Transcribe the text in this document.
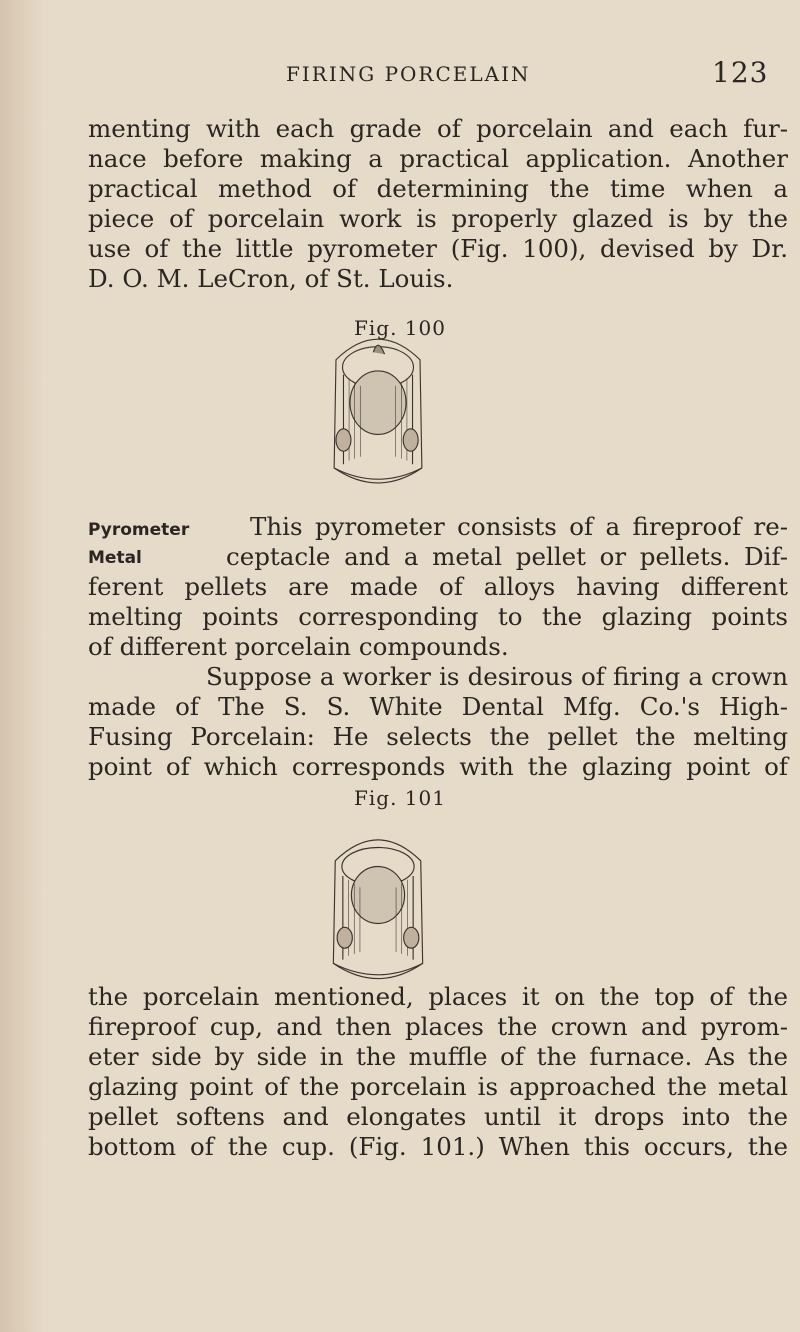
FIRING PORCELAIN	123

menting with each grade of porcelain and each fur-
nace before making a practical application. Another
practical method of determining the time when a
piece of porcelain work is properly glazed is by the
use of the little pyrometer (Fig. 100), devised by Dr.
D. O. M. LeCron, of St. Louis.

Fig. 100
Pyrometer
Metal

This pyrometer consists of a fireproof re-
ceptacle and a metal pellet or pellets. Dif-
ferent pellets are made of alloys having different
melting points corresponding to the glazing points
of different porcelain compounds.

Suppose a worker is desirous of firing a crown
made of The S. S. White Dental Mfg. Co.'s High-
Fusing Porcelain: He selects the pellet the melting
point of which corresponds with the glazing point of

Fig. 101

the porcelain mentioned, places it on the top of the
fireproof cup, and then places the crown and pyrom-
eter side by side in the muffle of the furnace. As the
glazing point of the porcelain is approached the metal
pellet softens and elongates until it drops into the
bottom of the cup. (Fig. 101.) When this occurs, the
